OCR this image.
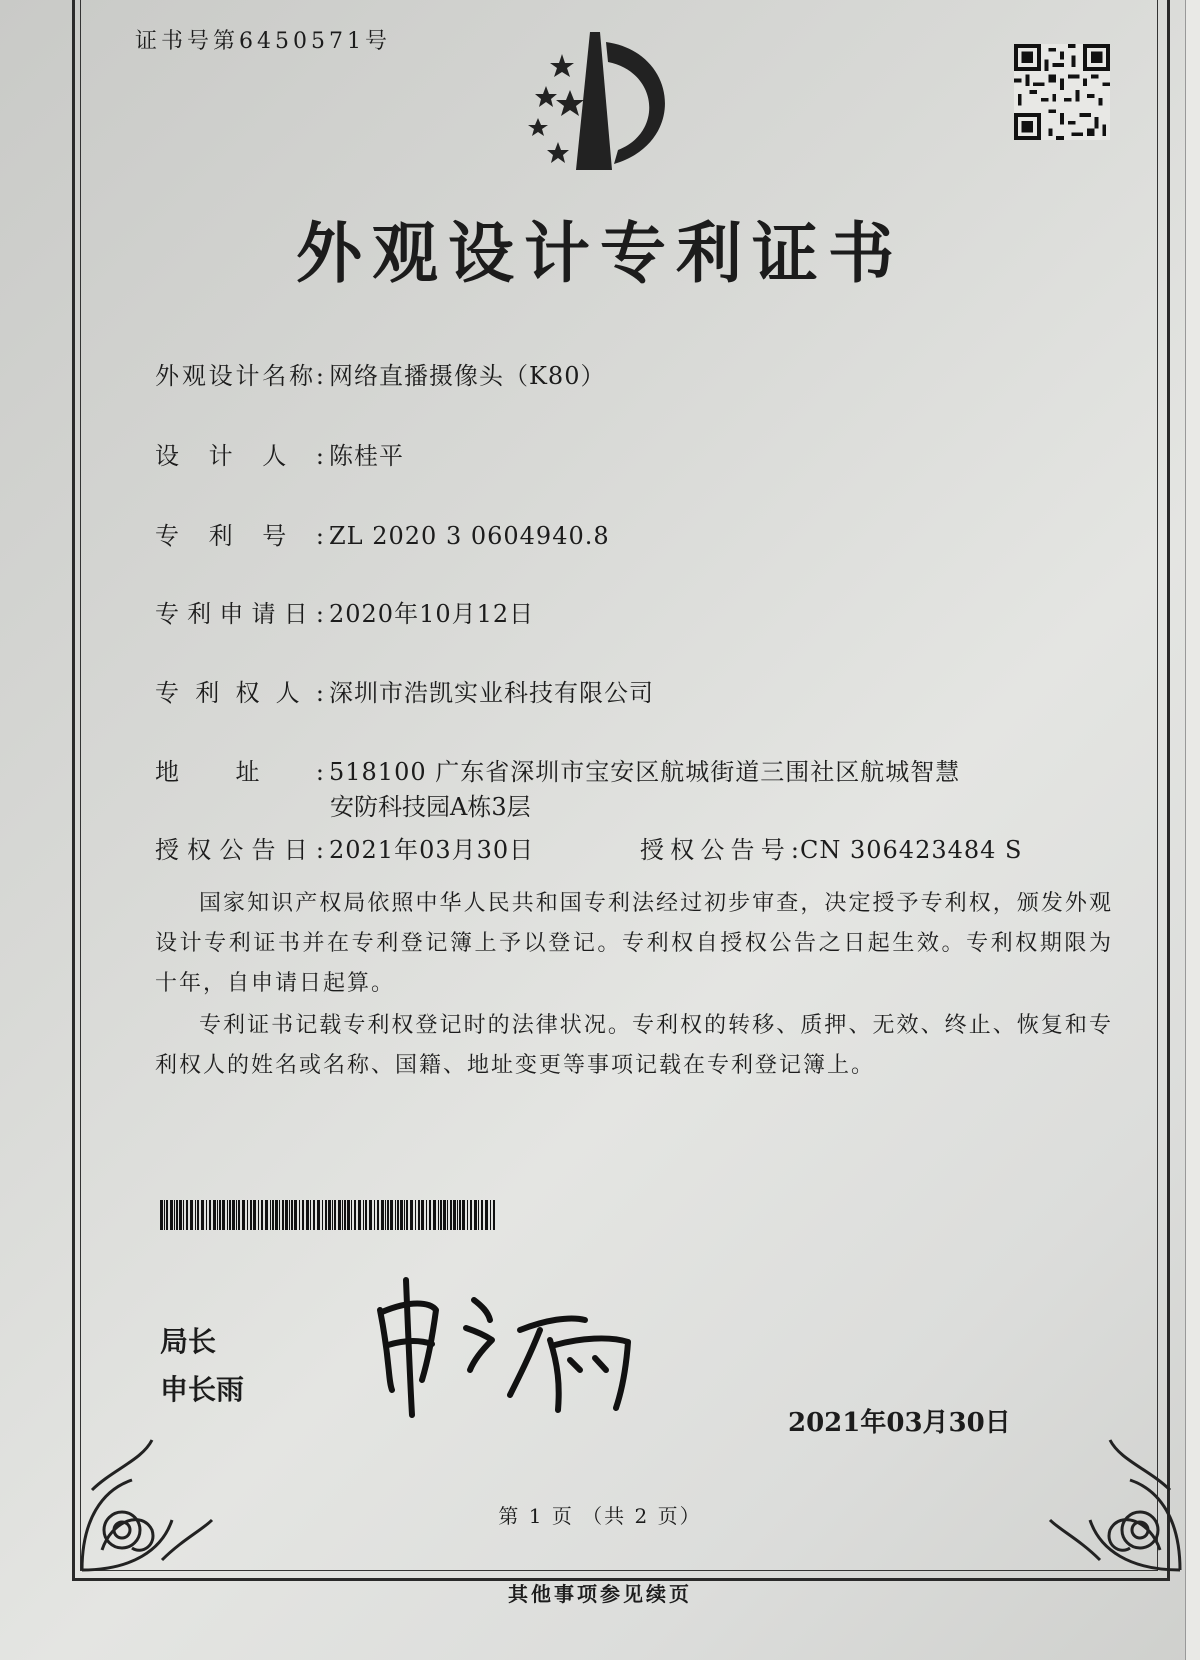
证书号第6450571号
外观设计专利证书
外观设计名称: 网络直播摄像头（K80）
设计人: 陈桂平
专利号: ZL 2020 3 0604940.8
专利申请日: 2020年10月12日
专利权人: 深圳市浩凯实业科技有限公司
地址: 518100 广东省深圳市宝安区航城街道三围社区航城智慧
安防科技园A栋3层
授权公告日: 2021年03月30日	授权公告号:CN 306423484 S
国家知识产权局依照中华人民共和国专利法经过初步审查，决定授予专利权，颁发外观设计专利证书并在专利登记簿上予以登记。专利权自授权公告之日起生效。专利权期限为十年，自申请日起算。
专利证书记载专利权登记时的法律状况。专利权的转移、质押、无效、终止、恢复和专利权人的姓名或名称、国籍、地址变更等事项记载在专利登记簿上。
局长
申长雨
2021年03月30日
第 1 页 （共 2 页）
其他事项参见续页
